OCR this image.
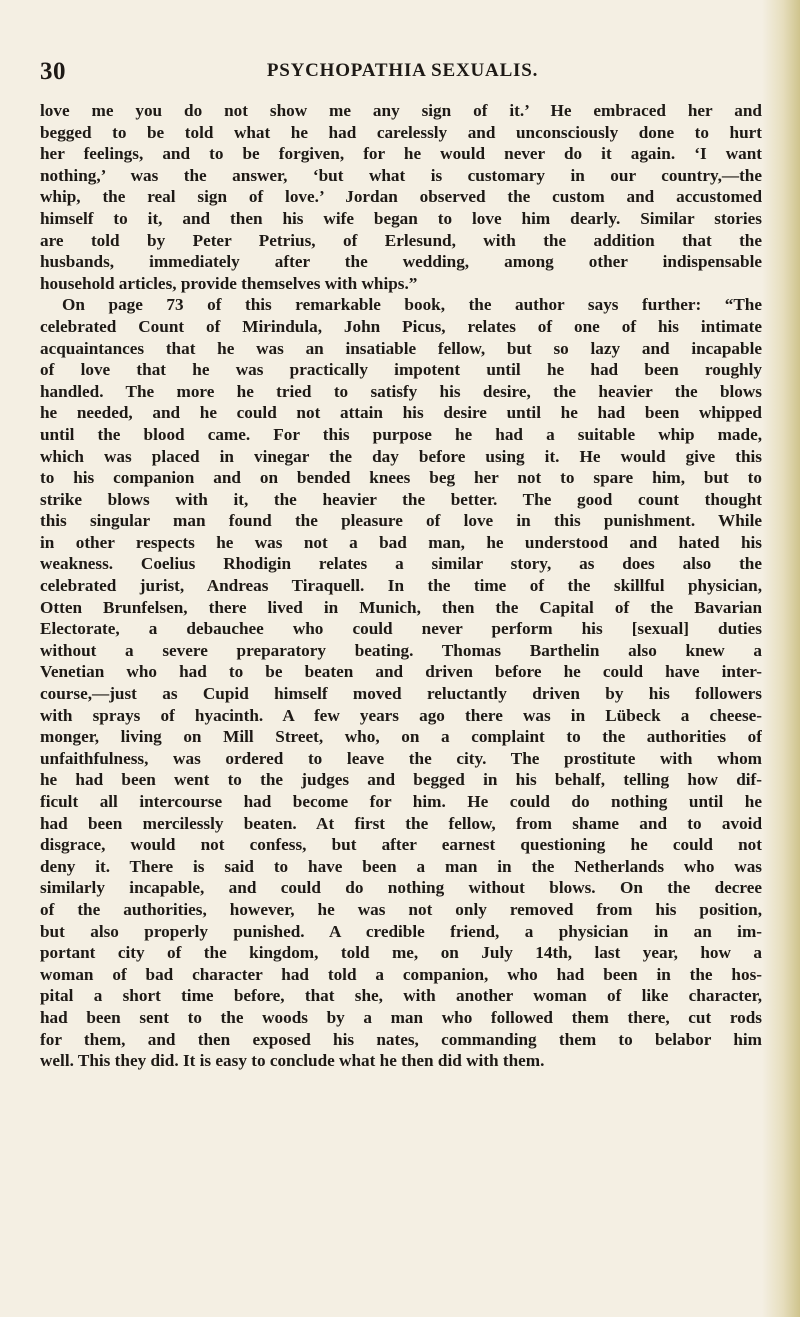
30	PSYCHOPATHIA SEXUALIS.
love me you do not show me any sign of it.’ He embraced her and
begged to be told what he had carelessly and unconsciously done to hurt
her feelings, and to be forgiven, for he would never do it again. ‘I want
nothing,’ was the answer, ‘but what is customary in our country,—the
whip, the real sign of love.’ Jordan observed the custom and accustomed
himself to it, and then his wife began to love him dearly. Similar stories
are told by Peter Petrius, of Erlesund, with the addition that the
husbands, immediately after the wedding, among other indispensable
household articles, provide themselves with whips.”
On page 73 of this remarkable book, the author says further: “The
celebrated Count of Mirindula, John Picus, relates of one of his intimate
acquaintances that he was an insatiable fellow, but so lazy and incapable
of love that he was practically impotent until he had been roughly
handled. The more he tried to satisfy his desire, the heavier the blows
he needed, and he could not attain his desire until he had been whipped
until the blood came. For this purpose he had a suitable whip made,
which was placed in vinegar the day before using it. He would give this
to his companion and on bended knees beg her not to spare him, but to
strike blows with it, the heavier the better. The good count thought
this singular man found the pleasure of love in this punishment. While
in other respects he was not a bad man, he understood and hated his
weakness. Coelius Rhodigin relates a similar story, as does also the
celebrated jurist, Andreas Tiraquell. In the time of the skillful physician,
Otten Brunfelsen, there lived in Munich, then the Capital of the Bavarian
Electorate, a debauchee who could never perform his [sexual] duties
without a severe preparatory beating. Thomas Barthelin also knew a
Venetian who had to be beaten and driven before he could have inter-
course,—just as Cupid himself moved reluctantly driven by his followers
with sprays of hyacinth. A few years ago there was in Lübeck a cheese-
monger, living on Mill Street, who, on a complaint to the authorities of
unfaithfulness, was ordered to leave the city. The prostitute with whom
he had been went to the judges and begged in his behalf, telling how dif-
ficult all intercourse had become for him. He could do nothing until he
had been mercilessly beaten. At first the fellow, from shame and to avoid
disgrace, would not confess, but after earnest questioning he could not
deny it. There is said to have been a man in the Netherlands who was
similarly incapable, and could do nothing without blows. On the decree
of the authorities, however, he was not only removed from his position,
but also properly punished. A credible friend, a physician in an im-
portant city of the kingdom, told me, on July 14th, last year, how a
woman of bad character had told a companion, who had been in the hos-
pital a short time before, that she, with another woman of like character,
had been sent to the woods by a man who followed them there, cut rods
for them, and then exposed his nates, commanding them to belabor him
well. This they did. It is easy to conclude what he then did with them.
